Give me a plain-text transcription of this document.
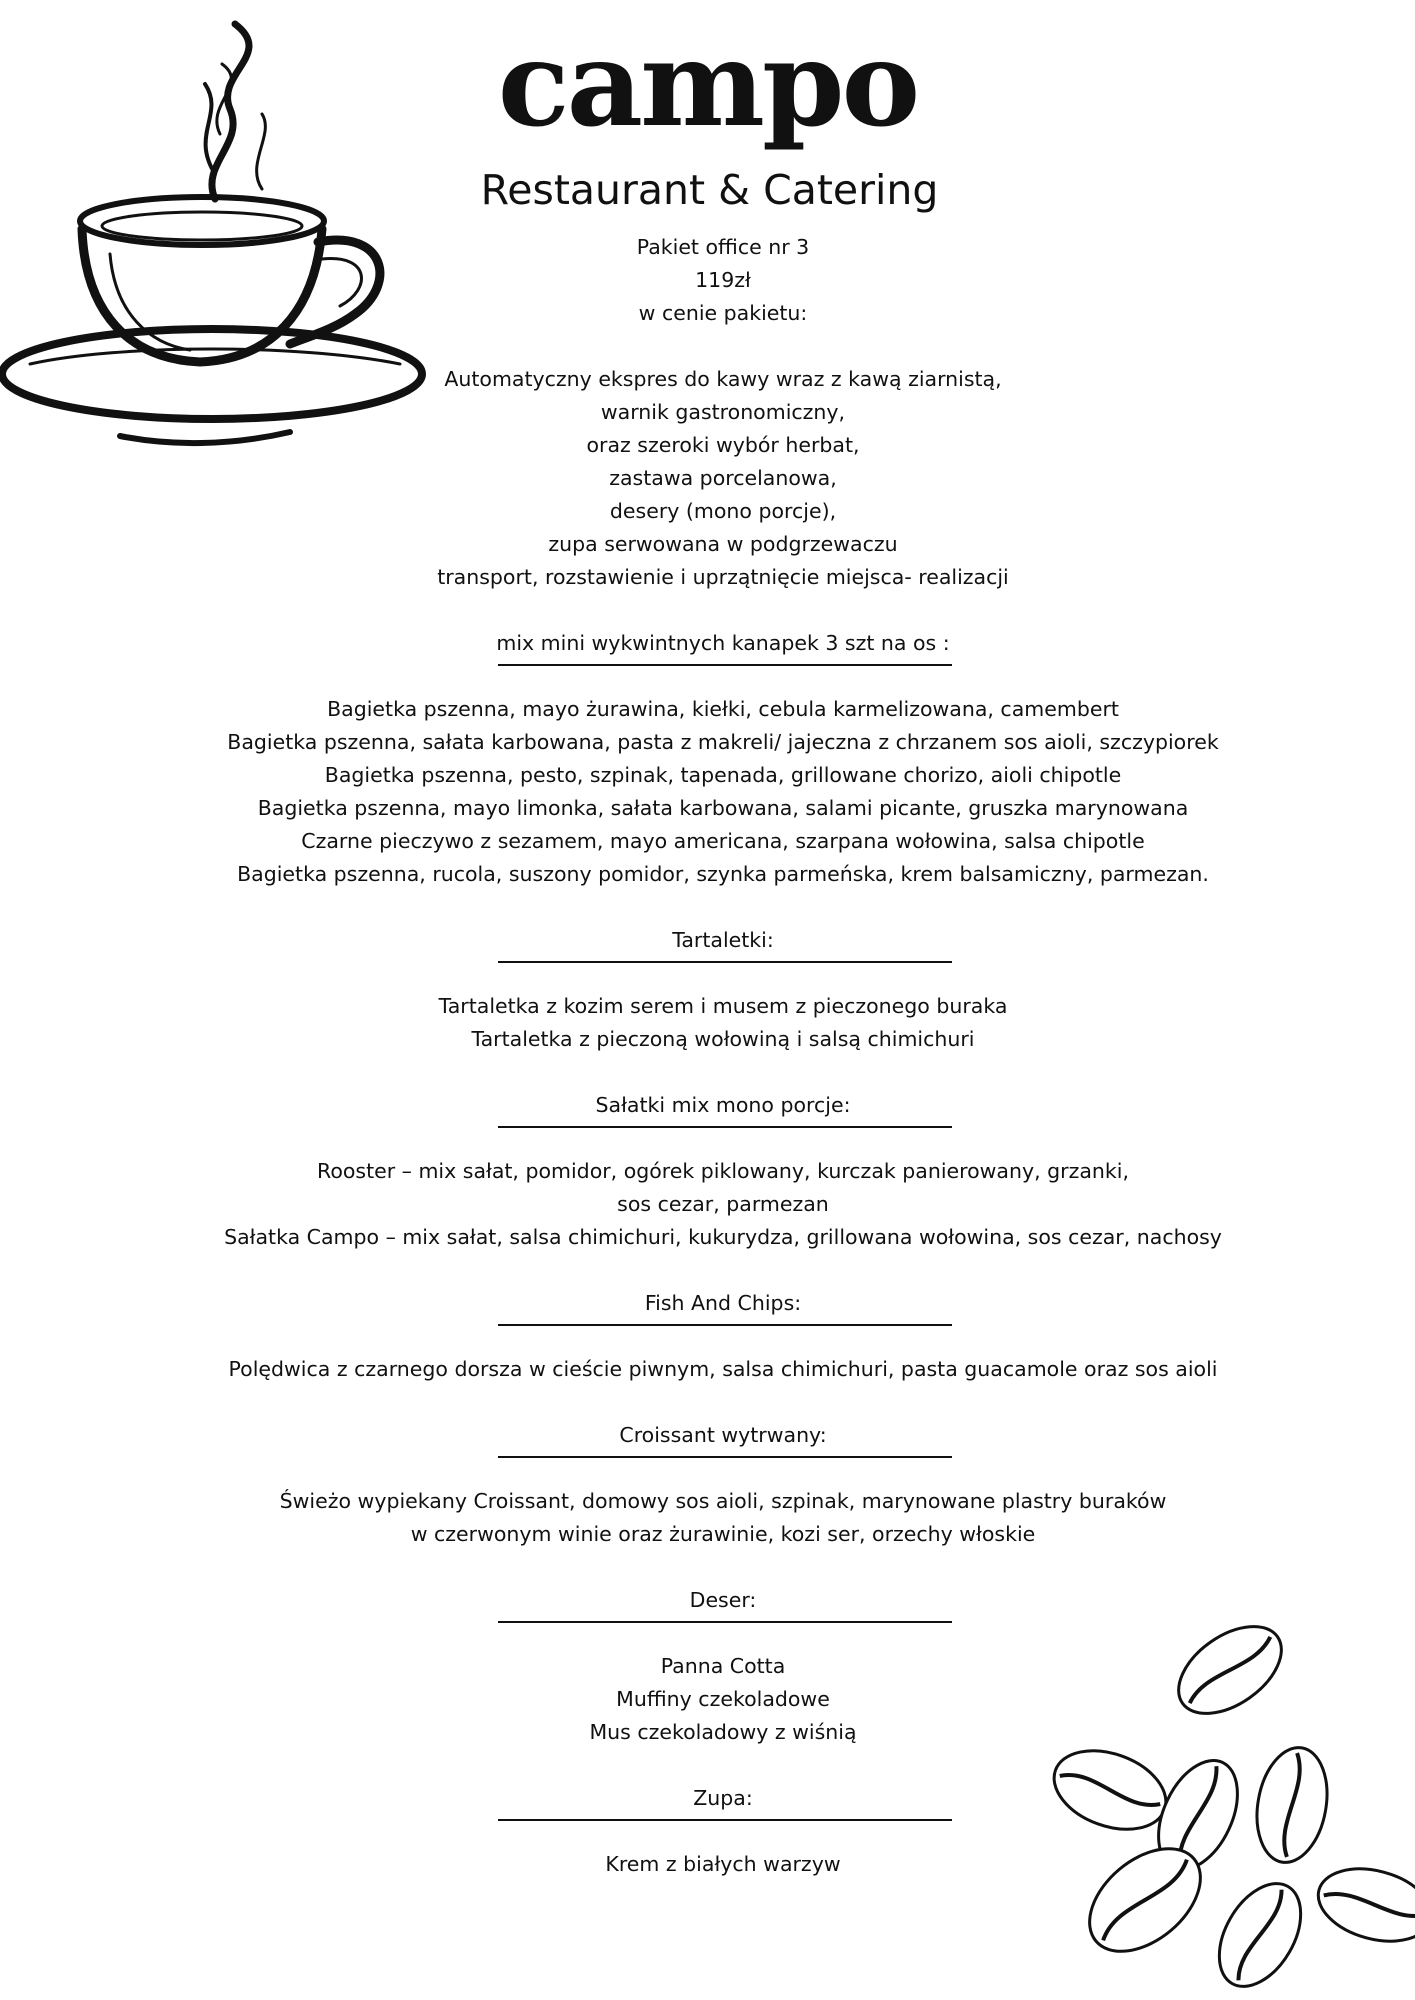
campo
Restaurant & Catering
Pakiet office nr 3
119zł
w cenie pakietu:
Automatyczny ekspres do kawy wraz z kawą ziarnistą,
warnik gastronomiczny,
oraz szeroki wybór herbat,
zastawa porcelanowa,
desery (mono porcje),
zupa serwowana w podgrzewaczu
transport, rozstawienie i uprzątnięcie miejsca- realizacji
mix mini wykwintnych kanapek 3 szt na os :
Bagietka pszenna, mayo żurawina, kiełki, cebula karmelizowana, camembert
Bagietka pszenna, sałata karbowana, pasta z makreli/ jajeczna z chrzanem sos aioli, szczypiorek
Bagietka pszenna, pesto, szpinak, tapenada, grillowane chorizo, aioli chipotle
Bagietka pszenna, mayo limonka, sałata karbowana, salami picante, gruszka marynowana
Czarne pieczywo z sezamem, mayo americana, szarpana wołowina, salsa chipotle
Bagietka pszenna, rucola, suszony pomidor, szynka parmeńska, krem balsamiczny, parmezan.
Tartaletki:
Tartaletka z kozim serem i musem z pieczonego buraka
Tartaletka z pieczoną wołowiną i salsą chimichuri
Sałatki mix mono porcje:
Rooster – mix sałat, pomidor, ogórek piklowany, kurczak panierowany, grzanki,
sos cezar, parmezan
Sałatka Campo – mix sałat, salsa chimichuri, kukurydza, grillowana wołowina, sos cezar, nachosy
Fish And Chips:
Polędwica z czarnego dorsza w cieście piwnym, salsa chimichuri, pasta guacamole oraz sos aioli
Croissant wytrwany:
Świeżo wypiekany Croissant, domowy sos aioli, szpinak, marynowane plastry buraków
w czerwonym winie oraz żurawinie, kozi ser, orzechy włoskie
Deser:
Panna Cotta
Muffiny czekoladowe
Mus czekoladowy z wiśnią
Zupa:
Krem z białych warzyw
